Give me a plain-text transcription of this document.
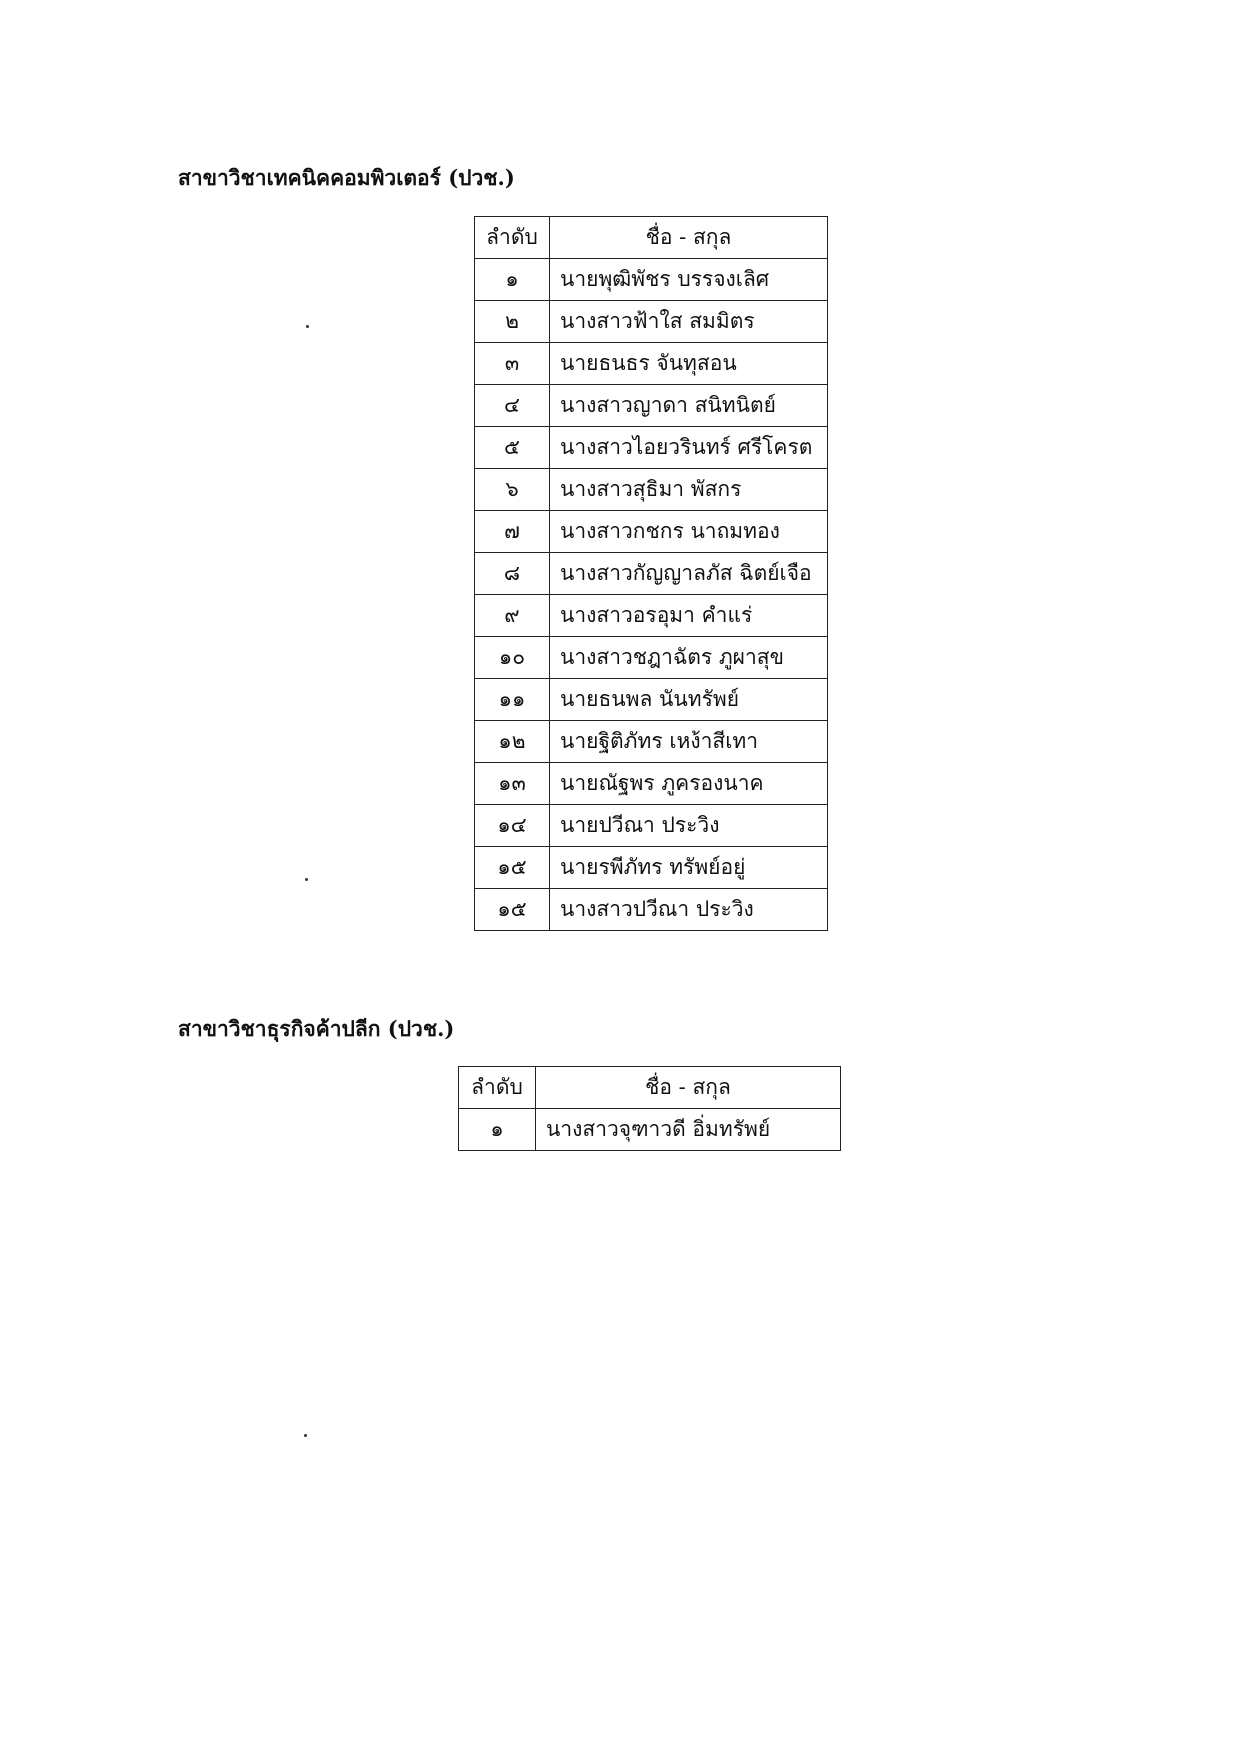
สาขาวิชาเทคนิคคอมพิวเตอร์ (ปวช.)
ลำดับ	ชื่อ - สกุล
๑	นายพุฒิพัชร บรรจงเลิศ
๒	นางสาวฟ้าใส สมมิตร
๓	นายธนธร จันทุสอน
๔	นางสาวญาดา สนิทนิตย์
๕	นางสาวไอยวรินทร์ ศรีโครต
๖	นางสาวสุธิมา พัสกร
๗	นางสาวกชกร นาถมทอง
๘	นางสาวกัญญาลภัส ฉิตย์เจือ
๙	นางสาวอรอุมา คำแร่
๑๐	นางสาวชฎาฉัตร ภูผาสุข
๑๑	นายธนพล นันทรัพย์
๑๒	นายฐิติภัทร เหง้าสีเทา
๑๓	นายณัฐพร ภูครองนาค
๑๔	นายปวีณา ประวิง
๑๕	นายรพีภัทร ทรัพย์อยู่
๑๕	นางสาวปวีณา ประวิง
สาขาวิชาธุรกิจค้าปลีก (ปวช.)
ลำดับ	ชื่อ - สกุล
๑	นางสาวจุฑาวดี อิ่มทรัพย์
